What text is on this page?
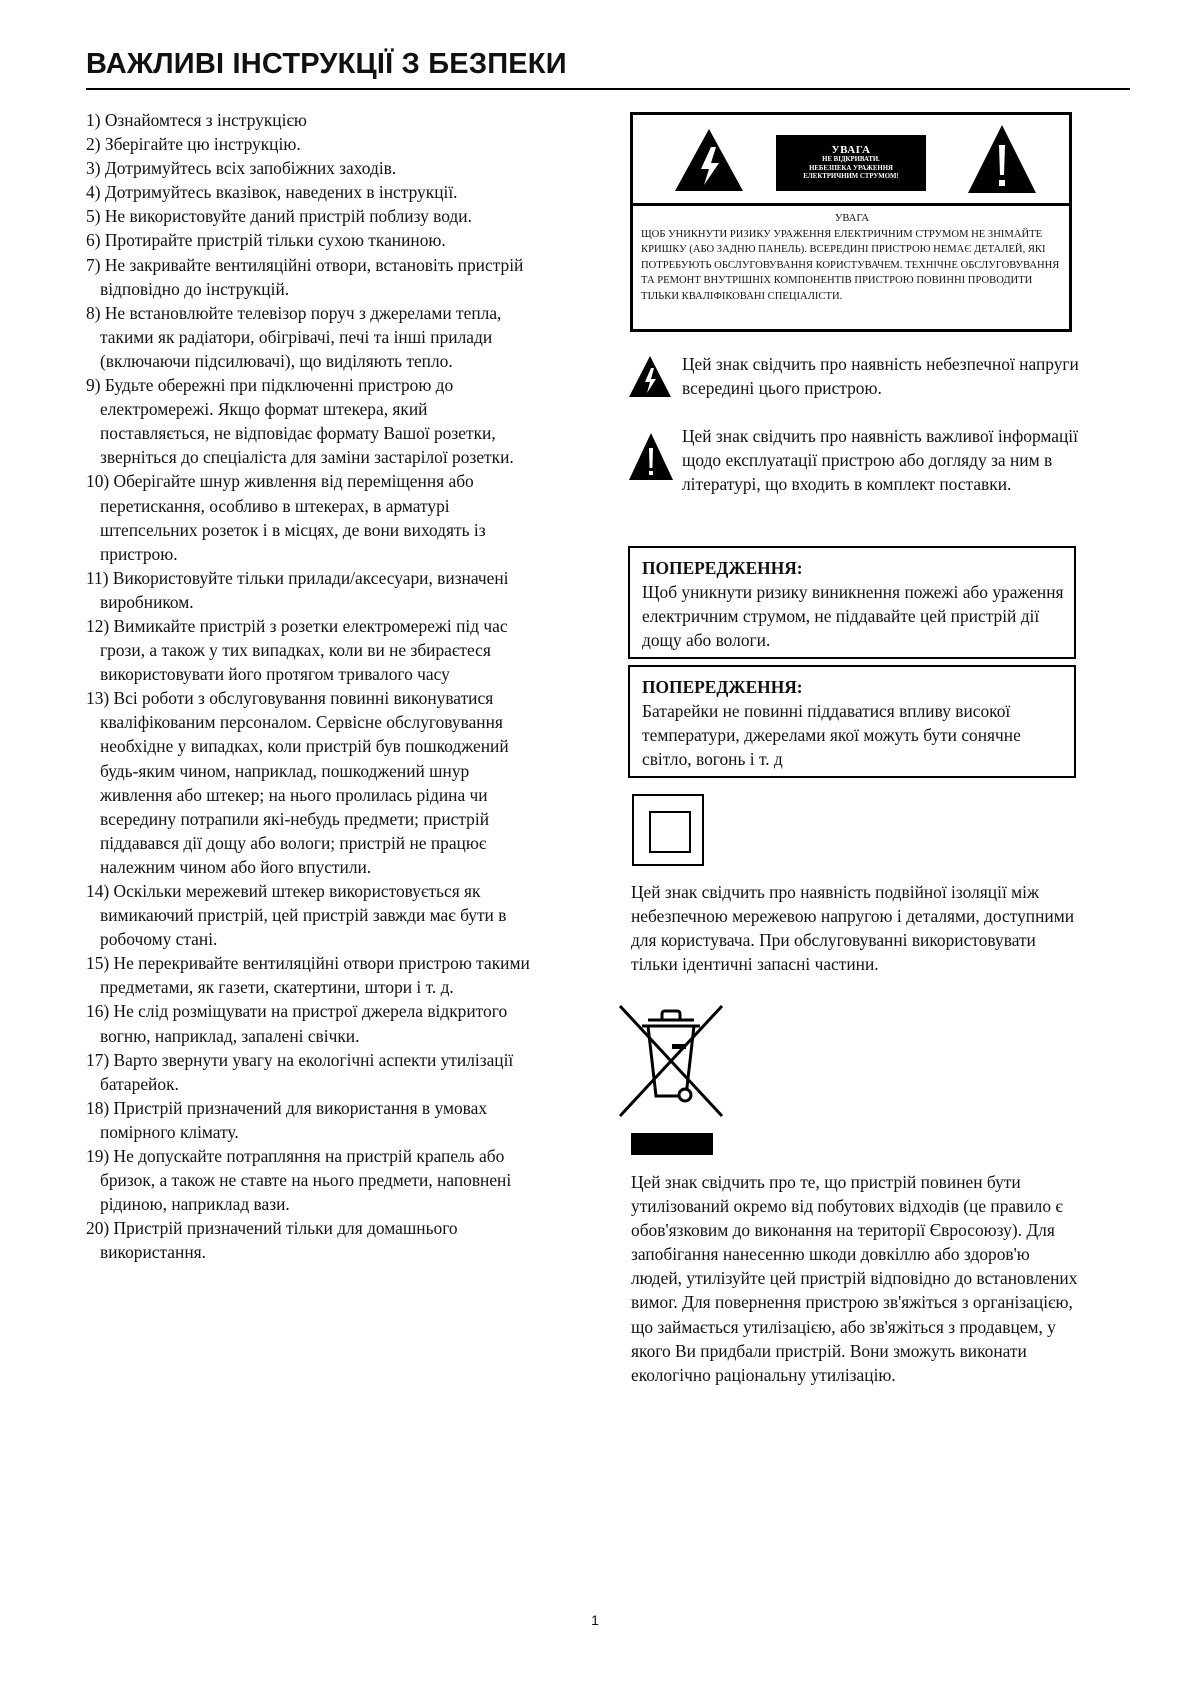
ВАЖЛИВІ ІНСТРУКЦІЇ З БЕЗПЕКИ
1) Ознайомтеся з інструкцією
2) Зберігайте цю інструкцію.
3) Дотримуйтесь всіх запобіжних заходів.
4) Дотримуйтесь вказівок, наведених в інструкції.
5) Не використовуйте даний пристрій поблизу води.
6) Протирайте пристрій тільки сухою тканиною.
7) Не закривайте вентиляційні отвори, встановіть пристрій відповідно до інструкцій.
8) Не встановлюйте телевізор поруч з джерелами тепла, такими як радіатори, обігрівачі, печі та інші прилади (включаючи підсилювачі), що виділяють тепло.
9) Будьте обережні при підключенні пристрою до електромережі. Якщо формат штекера, який поставляється, не відповідає формату Вашої розетки, зверніться до спеціаліста для заміни застарілої розетки.
10) Оберігайте шнур живлення від переміщення або перетискання, особливо в штекерах, в арматурі штепсельних розеток і в місцях, де вони виходять із пристрою.
11) Використовуйте тільки прилади/аксесуари, визначені виробником.
12) Вимикайте пристрій з розетки електромережі під час грози, а також у тих випадках, коли ви не збираєтеся використовувати його протягом тривалого часу
13) Всі роботи з обслуговування повинні виконуватися кваліфікованим персоналом. Сервісне обслуговування необхідне у випадках, коли пристрій був пошкоджений будь-яким чином, наприклад, пошкоджений шнур живлення або штекер; на нього пролилась рідина чи всередину потрапили які-небудь предмети; пристрій піддавався дії дощу або вологи; пристрій не працює належним чином або його впустили.
14) Оскільки мережевий штекер використовується як вимикаючий пристрій, цей пристрій завжди має бути в робочому стані.
15) Не перекривайте вентиляційні отвори пристрою такими предметами, як газети, скатертини, штори і т. д.
16) Не слід розміщувати на пристрої джерела відкритого вогню, наприклад, запалені свічки.
17) Варто звернути увагу на екологічні аспекти утилізації батарейок.
18) Пристрій призначений для використання в умовах помірного клімату.
19) Не допускайте потрапляння на пристрій крапель або бризок, а також не ставте на нього предмети, наповнені рідиною, наприклад вази.
20) Пристрій призначений тільки для домашнього використання.
УВАГА
НЕ ВІДКРИВАТИ.
НЕБЕЗПЕКА УРАЖЕННЯ
ЕЛЕКТРИЧНИМ СТРУМОМ!
УВАГА
ЩОБ УНИКНУТИ РИЗИКУ УРАЖЕННЯ ЕЛЕКТРИЧНИМ СТРУМОМ НЕ ЗНІМАЙТЕ КРИШКУ (АБО ЗАДНЮ ПАНЕЛЬ). ВСЕРЕДИНІ ПРИСТРОЮ НЕМАЄ ДЕТАЛЕЙ, ЯКІ ПОТРЕБУЮТЬ ОБСЛУГОВУВАННЯ КОРИСТУВАЧЕМ. ТЕХНІЧНЕ ОБСЛУГОВУВАННЯ ТА РЕМОНТ ВНУТРІШНІХ КОМПОНЕНТІВ ПРИСТРОЮ ПОВИННІ ПРОВОДИТИ ТІЛЬКИ КВАЛІФІКОВАНІ СПЕЦІАЛІСТИ.
Цей знак свідчить про наявність небезпечної напруги всередині цього пристрою.
Цей знак свідчить про наявність важливої інформації щодо експлуатації пристрою або догляду за ним в літературі, що входить в комплект поставки.
ПОПЕРЕДЖЕННЯ:
Щоб уникнути ризику виникнення пожежі або ураження електричним струмом, не піддавайте цей пристрій дії дощу або вологи.
ПОПЕРЕДЖЕННЯ:
Батарейки не повинні піддаватися впливу високої температури, джерелами якої можуть бути сонячне світло, вогонь і т. д
Цей знак свідчить про наявність подвійної ізоляції між небезпечною мережевою напругою і деталями, доступними для користувача. При обслуговуванні використовувати тільки ідентичні запасні частини.
Цей знак свідчить про те, що пристрій повинен бути утилізований окремо від побутових відходів (це правило є обов'язковим до виконання на території Євросоюзу). Для запобігання нанесенню шкоди довкіллю або здоров'ю людей, утилізуйте цей пристрій відповідно до встановлених вимог. Для повернення пристрою зв'яжіться з організацією, що займається утилізацією, або зв'яжіться з продавцем, у якого Ви придбали пристрій. Вони зможуть виконати екологічно раціональну утилізацію.
1
